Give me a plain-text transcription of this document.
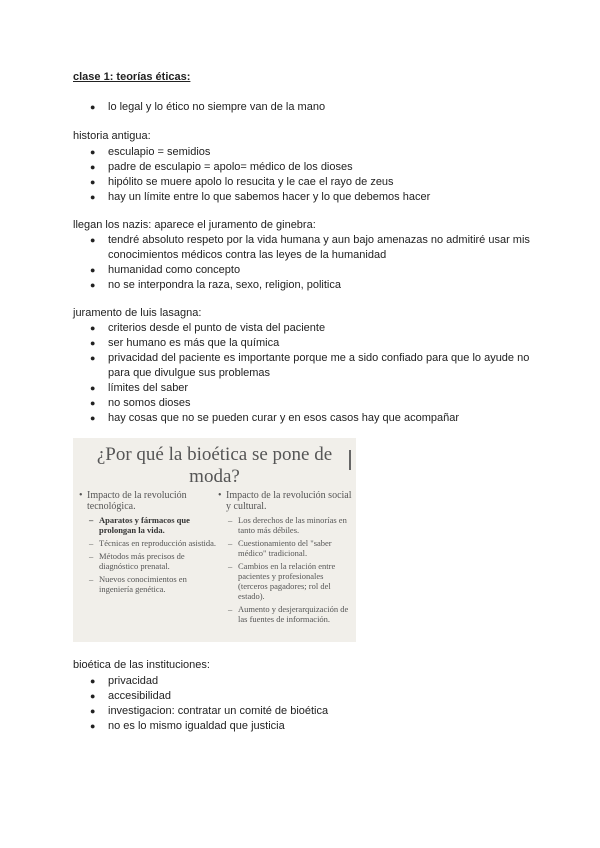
clase 1: teorías éticas:
● lo legal y lo ético no siempre van de la mano
historia antigua:
● esculapio = semidios
● padre de esculapio = apolo= médico de los dioses
● hipólito se muere apolo lo resucita y le cae el rayo de zeus
● hay un límite entre lo que sabemos hacer y lo que debemos hacer
llegan los nazis: aparece el juramento de ginebra:
● tendré absoluto respeto por la vida humana y aun bajo amenazas no admitiré usar mis conocimientos médicos contra las leyes de la humanidad
● humanidad como concepto
● no se interpondra la raza, sexo, religion, politica
juramento de luis lasagna:
● criterios desde el punto de vista del paciente
● ser humano es más que la química
● privacidad del paciente es importante porque me a sido confiado para que lo ayude no para que divulgue sus problemas
● límites del saber
● no somos dioses
● hay cosas que no se pueden curar y en esos casos hay que acompañar
¿Por qué la bioética se pone de moda?
• Impacto de la revolución tecnológica.
– Aparatos y fármacos que prolongan la vida.
– Técnicas en reproducción asistida.
– Métodos más precisos de diagnóstico prenatal.
– Nuevos conocimientos en ingeniería genética.
• Impacto de la revolución social y cultural.
– Los derechos de las minorías en tanto más débiles.
– Cuestionamiento del "saber médico" tradicional.
– Cambios en la relación entre pacientes y profesionales (terceros pagadores; rol del estado).
– Aumento y desjerarquización de las fuentes de información.
bioética de las instituciones:
● privacidad
● accesibilidad
● investigacion: contratar un comité de bioética
● no es lo mismo igualdad que justicia
